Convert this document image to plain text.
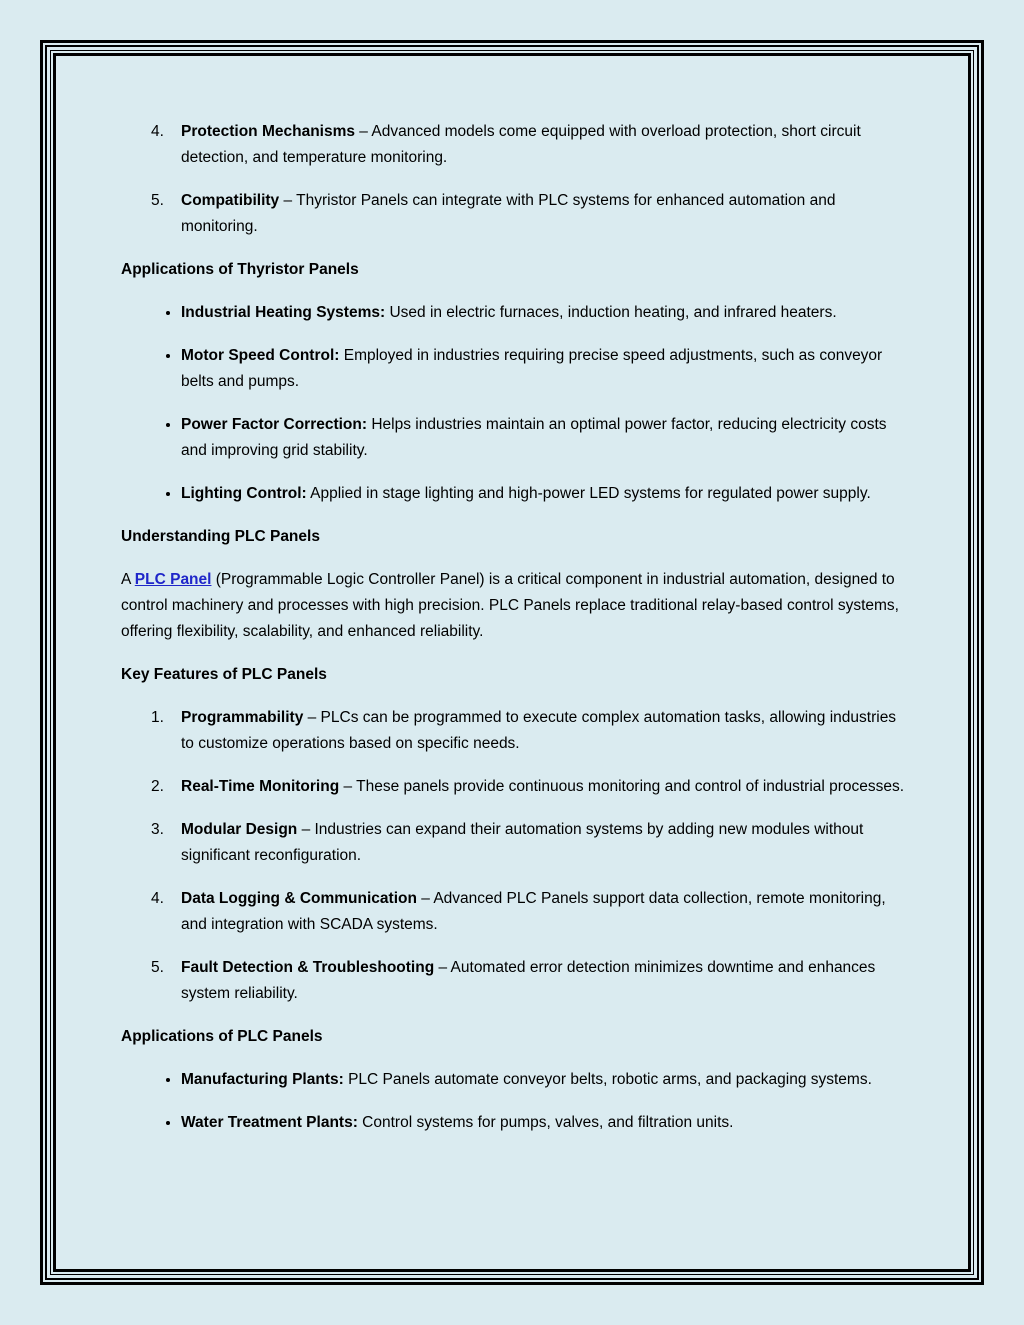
4. Protection Mechanisms – Advanced models come equipped with overload protection, short circuit detection, and temperature monitoring.
5. Compatibility – Thyristor Panels can integrate with PLC systems for enhanced automation and monitoring.

Applications of Thyristor Panels

• Industrial Heating Systems: Used in electric furnaces, induction heating, and infrared heaters.
• Motor Speed Control: Employed in industries requiring precise speed adjustments, such as conveyor belts and pumps.
• Power Factor Correction: Helps industries maintain an optimal power factor, reducing electricity costs and improving grid stability.
• Lighting Control: Applied in stage lighting and high-power LED systems for regulated power supply.

Understanding PLC Panels

A PLC Panel (Programmable Logic Controller Panel) is a critical component in industrial automation, designed to control machinery and processes with high precision. PLC Panels replace traditional relay-based control systems, offering flexibility, scalability, and enhanced reliability.

Key Features of PLC Panels

1. Programmability – PLCs can be programmed to execute complex automation tasks, allowing industries to customize operations based on specific needs.
2. Real-Time Monitoring – These panels provide continuous monitoring and control of industrial processes.
3. Modular Design – Industries can expand their automation systems by adding new modules without significant reconfiguration.
4. Data Logging & Communication – Advanced PLC Panels support data collection, remote monitoring, and integration with SCADA systems.
5. Fault Detection & Troubleshooting – Automated error detection minimizes downtime and enhances system reliability.

Applications of PLC Panels

• Manufacturing Plants: PLC Panels automate conveyor belts, robotic arms, and packaging systems.
• Water Treatment Plants: Control systems for pumps, valves, and filtration units.
